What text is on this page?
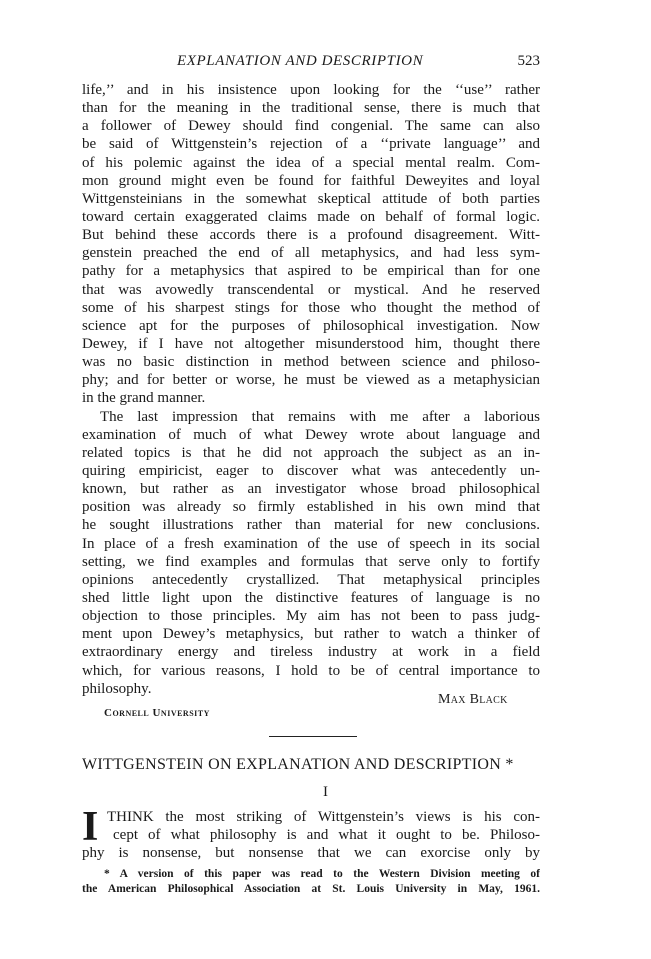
EXPLANATION AND DESCRIPTION	523
life,’’ and in his insistence upon looking for the ‘‘use’’ rather
than for the meaning in the traditional sense, there is much that
a follower of Dewey should find congenial. The same can also
be said of Wittgenstein’s rejection of a ‘‘private language’’ and
of his polemic against the idea of a special mental realm. Com-
mon ground might even be found for faithful Deweyites and loyal
Wittgensteinians in the somewhat skeptical attitude of both parties
toward certain exaggerated claims made on behalf of formal logic.
But behind these accords there is a profound disagreement. Witt-
genstein preached the end of all metaphysics, and had less sym-
pathy for a metaphysics that aspired to be empirical than for one
that was avowedly transcendental or mystical. And he reserved
some of his sharpest stings for those who thought the method of
science apt for the purposes of philosophical investigation. Now
Dewey, if I have not altogether misunderstood him, thought there
was no basic distinction in method between science and philoso-
phy; and for better or worse, he must be viewed as a metaphysician
in the grand manner.
The last impression that remains with me after a laborious
examination of much of what Dewey wrote about language and
related topics is that he did not approach the subject as an in-
quiring empiricist, eager to discover what was antecedently un-
known, but rather as an investigator whose broad philosophical
position was already so firmly established in his own mind that
he sought illustrations rather than material for new conclusions.
In place of a fresh examination of the use of speech in its social
setting, we find examples and formulas that serve only to fortify
opinions antecedently crystallized. That metaphysical principles
shed little light upon the distinctive features of language is no
objection to those principles. My aim has not been to pass judg-
ment upon Dewey’s metaphysics, but rather to watch a thinker of
extraordinary energy and tireless industry at work in a field
which, for various reasons, I hold to be of central importance to
philosophy.
Max Black
Cornell University
WITTGENSTEIN ON EXPLANATION AND DESCRIPTION *
I
I THINK the most striking of Wittgenstein’s views is his con-
cept of what philosophy is and what it ought to be. Philoso-
phy is nonsense, but nonsense that we can exorcise only by
* A version of this paper was read to the Western Division meeting of
the American Philosophical Association at St. Louis University in May, 1961.
